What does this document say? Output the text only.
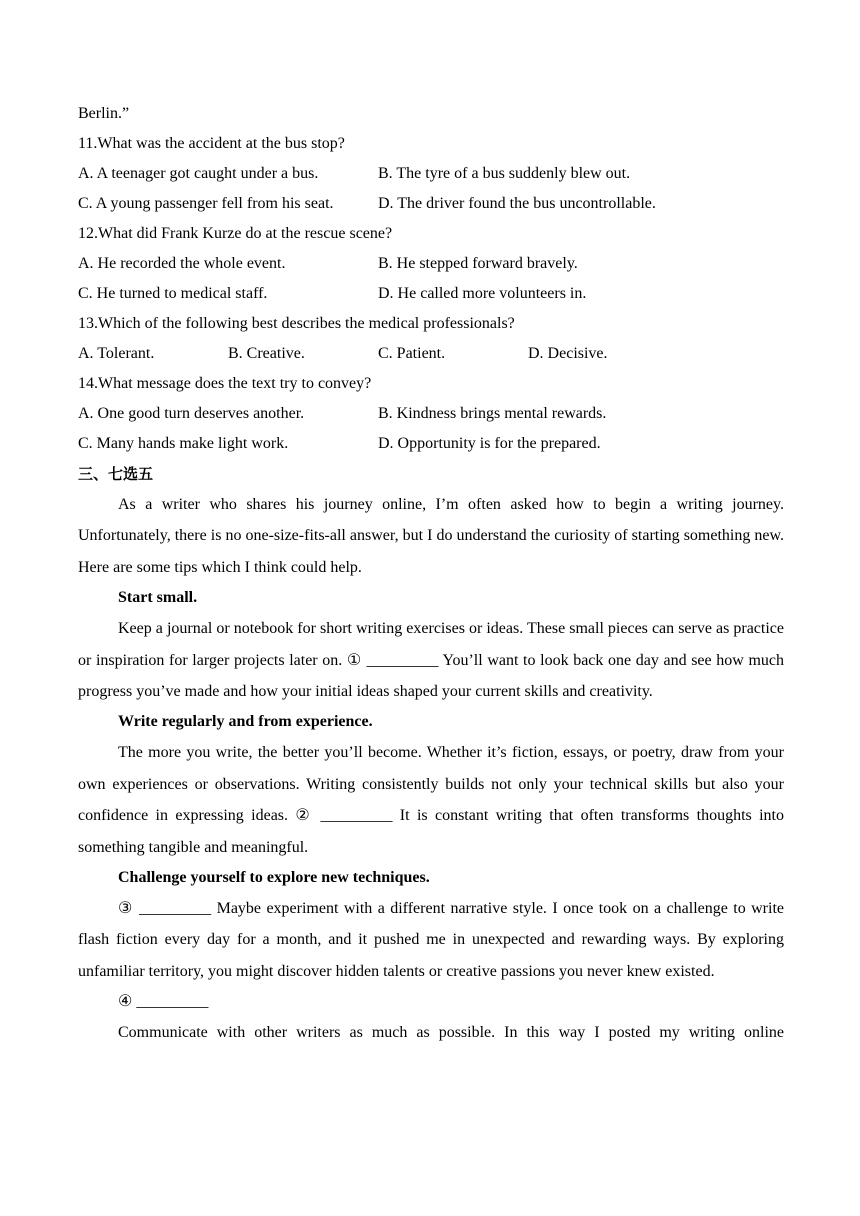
Berlin.”
11.What was the accident at the bus stop?
A. A teenager got caught under a bus.	B. The tyre of a bus suddenly blew out.
C. A young passenger fell from his seat.	D. The driver found the bus uncontrollable.
12.What did Frank Kurze do at the rescue scene?
A. He recorded the whole event.	B. He stepped forward bravely.
C. He turned to medical staff.	D. He called more volunteers in.
13.Which of the following best describes the medical professionals?
A. Tolerant.	B. Creative.	C. Patient.	D. Decisive.
14.What message does the text try to convey?
A. One good turn deserves another.	B. Kindness brings mental rewards.
C. Many hands make light work.	D. Opportunity is for the prepared.
三、七选五

As a writer who shares his journey online, I’m often asked how to begin a writing journey. Unfortunately, there is no one-size-fits-all answer, but I do understand the curiosity of starting something new. Here are some tips which I think could help.

Start small.

Keep a journal or notebook for short writing exercises or ideas. These small pieces can serve as practice or inspiration for larger projects later on. ① _________ You’ll want to look back one day and see how much progress you’ve made and how your initial ideas shaped your current skills and creativity.

Write regularly and from experience.

The more you write, the better you’ll become. Whether it’s fiction, essays, or poetry, draw from your own experiences or observations. Writing consistently builds not only your technical skills but also your confidence in expressing ideas. ② _________ It is constant writing that often transforms thoughts into something tangible and meaningful.

Challenge yourself to explore new techniques.

③ _________ Maybe experiment with a different narrative style. I once took on a challenge to write flash fiction every day for a month, and it pushed me in unexpected and rewarding ways. By exploring unfamiliar territory, you might discover hidden talents or creative passions you never knew existed.

④ _________

Communicate with other writers as much as possible. In this way I posted my writing online
